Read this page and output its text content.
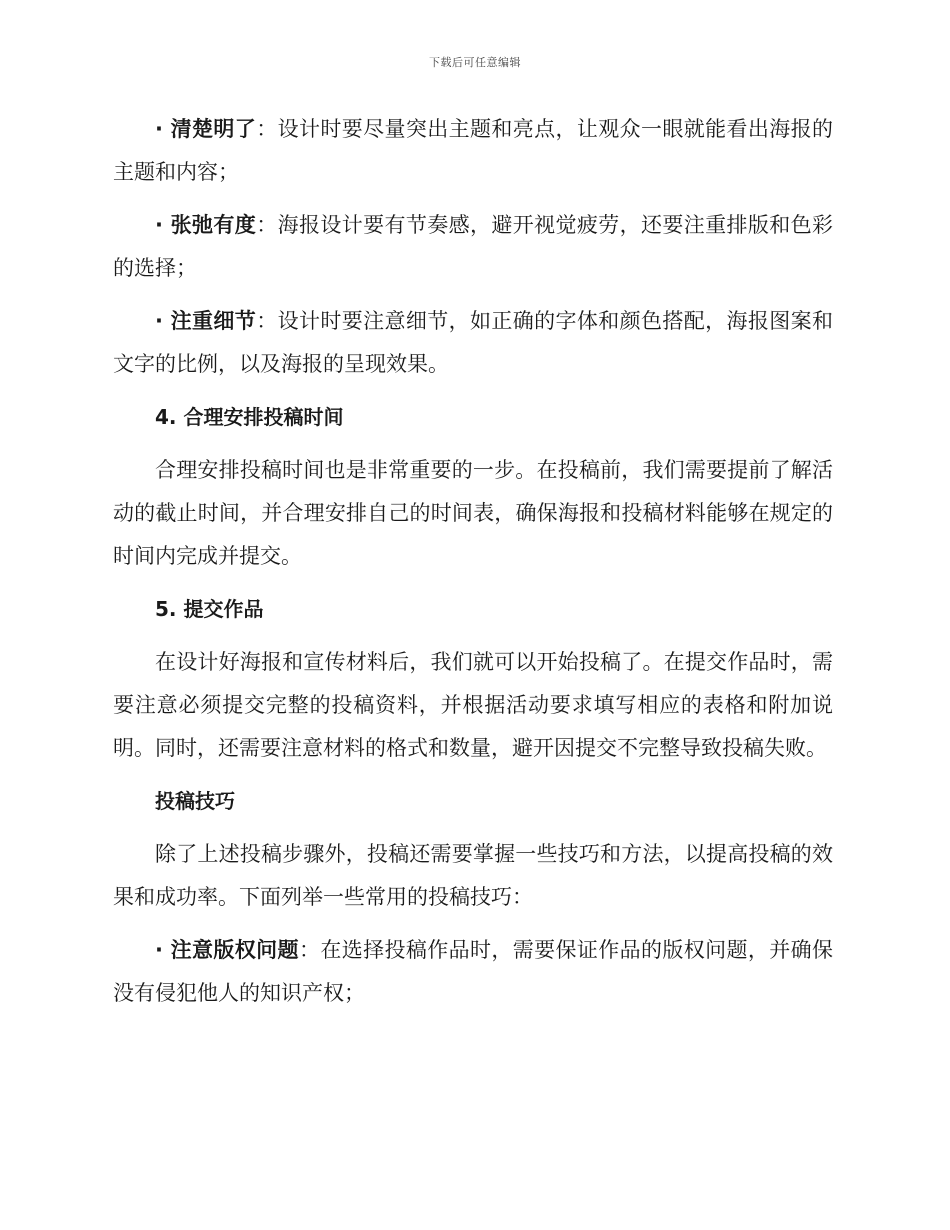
下载后可任意编辑

· 清楚明了：设计时要尽量突出主题和亮点，让观众一眼就能看出海报的主题和内容；

· 张弛有度：海报设计要有节奏感，避开视觉疲劳，还要注重排版和色彩的选择；

· 注重细节：设计时要注意细节，如正确的字体和颜色搭配，海报图案和文字的比例，以及海报的呈现效果。

4. 合理安排投稿时间

合理安排投稿时间也是非常重要的一步。在投稿前，我们需要提前了解活动的截止时间，并合理安排自己的时间表，确保海报和投稿材料能够在规定的时间内完成并提交。

5. 提交作品

在设计好海报和宣传材料后，我们就可以开始投稿了。在提交作品时，需要注意必须提交完整的投稿资料，并根据活动要求填写相应的表格和附加说明。同时，还需要注意材料的格式和数量，避开因提交不完整导致投稿失败。

投稿技巧

除了上述投稿步骤外，投稿还需要掌握一些技巧和方法，以提高投稿的效果和成功率。下面列举一些常用的投稿技巧：

· 注意版权问题：在选择投稿作品时，需要保证作品的版权问题，并确保没有侵犯他人的知识产权；
